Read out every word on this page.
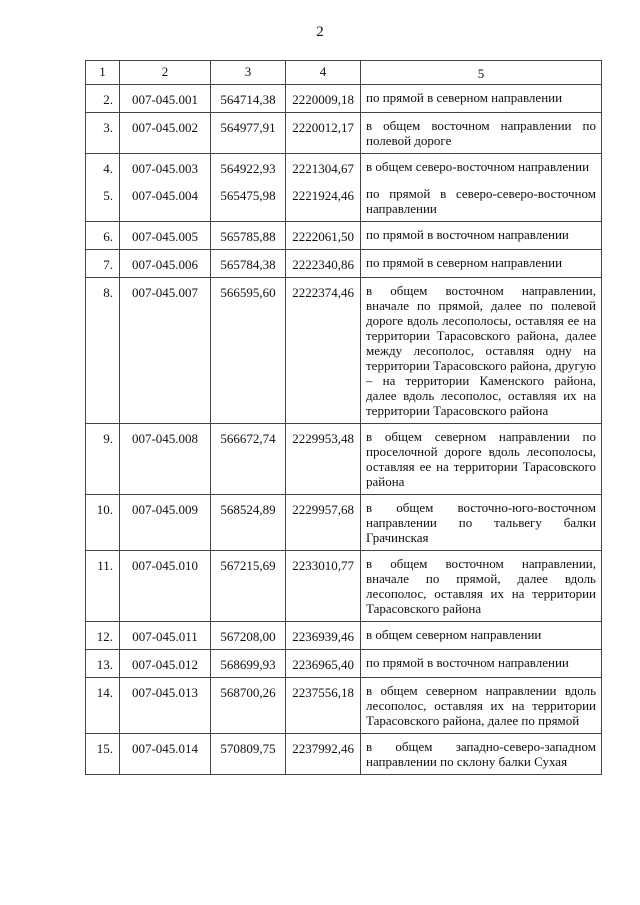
2
1	2	3	4	5
2.	007-045.001	564714,38	2220009,18	по прямой в северном направлении
3.	007-045.002	564977,91	2220012,17	в общем восточном направлении по полевой дороге
4.	007-045.003	564922,93	2221304,67	в общем северо-восточном направлении
5.	007-045.004	565475,98	2221924,46	по прямой в северо-северо-восточном направлении
6.	007-045.005	565785,88	2222061,50	по прямой в восточном направлении
7.	007-045.006	565784,38	2222340,86	по прямой в северном направлении
8.	007-045.007	566595,60	2222374,46	в общем восточном направлении, вначале по прямой, далее по полевой дороге вдоль лесополосы, оставляя ее на территории Тарасовского района, далее между лесополос, оставляя одну на территории Тарасовского района, другую – на территории Каменского района, далее вдоль лесополос, оставляя их на территории Тарасовского района
9.	007-045.008	566672,74	2229953,48	в общем северном направлении по проселочной дороге вдоль лесополосы, оставляя ее на территории Тарасовского района
10.	007-045.009	568524,89	2229957,68	в общем восточно-юго-восточном направлении по тальвегу балки Грачинская
11.	007-045.010	567215,69	2233010,77	в общем восточном направлении, вначале по прямой, далее вдоль лесополос, оставляя их на территории Тарасовского района
12.	007-045.011	567208,00	2236939,46	в общем северном направлении
13.	007-045.012	568699,93	2236965,40	по прямой в восточном направлении
14.	007-045.013	568700,26	2237556,18	в общем северном направлении вдоль лесополос, оставляя их на территории Тарасовского района, далее по прямой
15.	007-045.014	570809,75	2237992,46	в общем западно-северо-западном направлении по склону балки Сухая
